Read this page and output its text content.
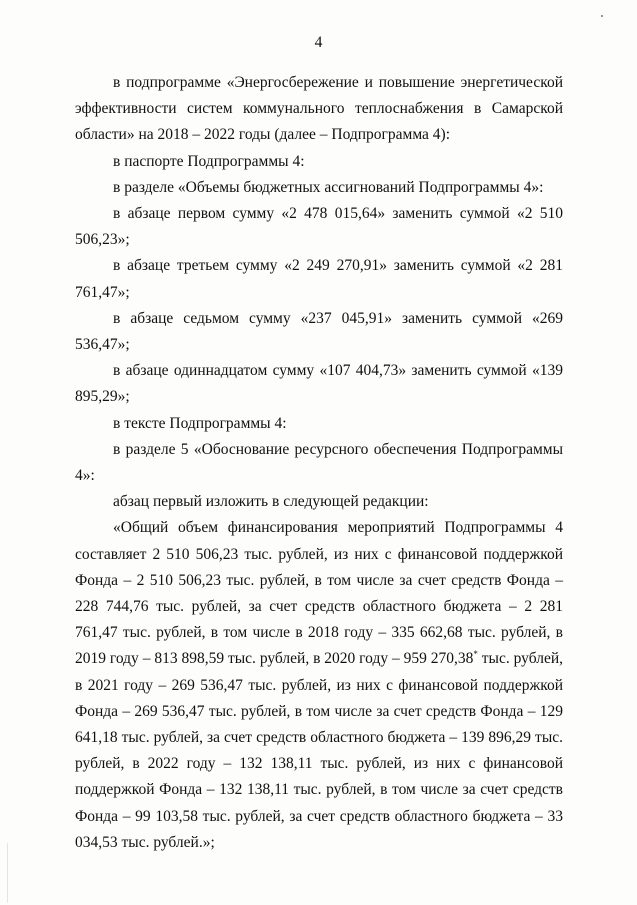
4

в подпрограмме «Энергосбережение и повышение энергетической эффективности систем коммунального теплоснабжения в Самарской области» на 2018 – 2022 годы (далее – Подпрограмма 4):

в паспорте Подпрограммы 4:

в разделе «Объемы бюджетных ассигнований Подпрограммы 4»:

в абзаце первом сумму «2 478 015,64» заменить суммой «2 510 506,23»;

в абзаце третьем сумму «2 249 270,91» заменить суммой «2 281 761,47»;

в абзаце седьмом сумму «237 045,91» заменить суммой «269 536,47»;

в абзаце одиннадцатом сумму «107 404,73» заменить суммой «139 895,29»;

в тексте Подпрограммы 4:

в разделе 5 «Обоснование ресурсного обеспечения Подпрограммы 4»:

абзац первый изложить в следующей редакции:

«Общий объем финансирования мероприятий Подпрограммы 4 составляет 2 510 506,23 тыс. рублей, из них с финансовой поддержкой Фонда – 2 510 506,23 тыс. рублей, в том числе за счет средств Фонда – 228 744,76 тыс. рублей, за счет средств областного бюджета – 2 281 761,47 тыс. рублей, в том числе в 2018 году – 335 662,68 тыс. рублей, в 2019 году – 813 898,59 тыс. рублей, в 2020 году – 959 270,38* тыс. рублей, в 2021 году – 269 536,47 тыс. рублей, из них с финансовой поддержкой Фонда – 269 536,47 тыс. рублей, в том числе за счет средств Фонда – 129 641,18 тыс. рублей, за счет средств областного бюджета – 139 896,29 тыс. рублей, в 2022 году – 132 138,11 тыс. рублей, из них с финансовой поддержкой Фонда – 132 138,11 тыс. рублей, в том числе за счет средств Фонда – 99 103,58 тыс. рублей, за счет средств областного бюджета – 33 034,53 тыс. рублей.»;
